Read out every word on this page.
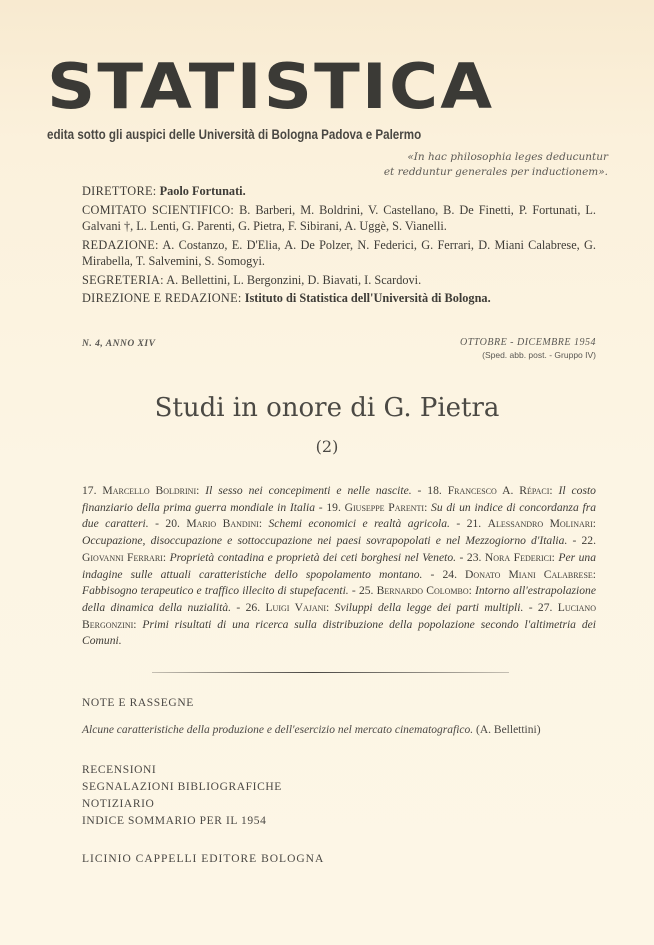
STATISTICA
edita sotto gli auspici delle Università di Bologna Padova e Palermo
«In hac philosophia leges deducuntur
et redduntur generales per inductionem».

DIRETTORE: Paolo Fortunati.

COMITATO SCIENTIFICO: B. Barberi, M. Boldrini, V. Castellano, B. De Finetti, P. Fortunati, L. Galvani †, L. Lenti, G. Parenti, G. Pietra, F. Sibirani, A. Uggè, S. Vianelli.

REDAZIONE: A. Costanzo, E. D'Elia, A. De Polzer, N. Federici, G. Ferrari, D. Miani Calabrese, G. Mirabella, T. Salvemini, S. Somogyi.

SEGRETERIA: A. Bellettini, L. Bergonzini, D. Biavati, I. Scardovi.

DIREZIONE E REDAZIONE: Istituto di Statistica dell'Università di Bologna.

N. 4, ANNO XIV	OTTOBRE - DICEMBRE 1954
(Sped. abb. post. - Gruppo IV)
Studi in onore di G. Pietra
(2)
17. Marcello Boldrini: Il sesso nei concepimenti e nelle nascite. - 18. Francesco A. Répaci: Il costo finanziario della prima guerra mondiale in Italia - 19. Giuseppe Parenti: Su di un indice di concordanza fra due caratteri. - 20. Mario Bandini: Schemi economici e realtà agricola. - 21. Alessandro Molinari: Occupazione, disoccupazione e sottoccupazione nei paesi sovrapopolati e nel Mezzogiorno d'Italia. - 22. Giovanni Ferrari: Proprietà contadina e proprietà dei ceti borghesi nel Veneto. - 23. Nora Federici: Per una indagine sulle attuali caratteristiche dello spopolamento montano. - 24. Donato Miani Calabrese: Fabbisogno terapeutico e traffico illecito di stupefacenti. - 25. Bernardo Colombo: Intorno all'estrapolazione della dinamica della nuzialità. - 26. Luigi Vajani: Sviluppi della legge dei parti multipli. - 27. Luciano Bergonzini: Primi risultati di una ricerca sulla distribuzione della popolazione secondo l'altimetria dei Comuni.
NOTE E RASSEGNE
Alcune caratteristiche della produzione e dell'esercizio nel mercato cinematografico. (A. Bellettini)
RECENSIONI
SEGNALAZIONI BIBLIOGRAFICHE
NOTIZIARIO
INDICE SOMMARIO PER IL 1954
LICINIO CAPPELLI EDITORE BOLOGNA
